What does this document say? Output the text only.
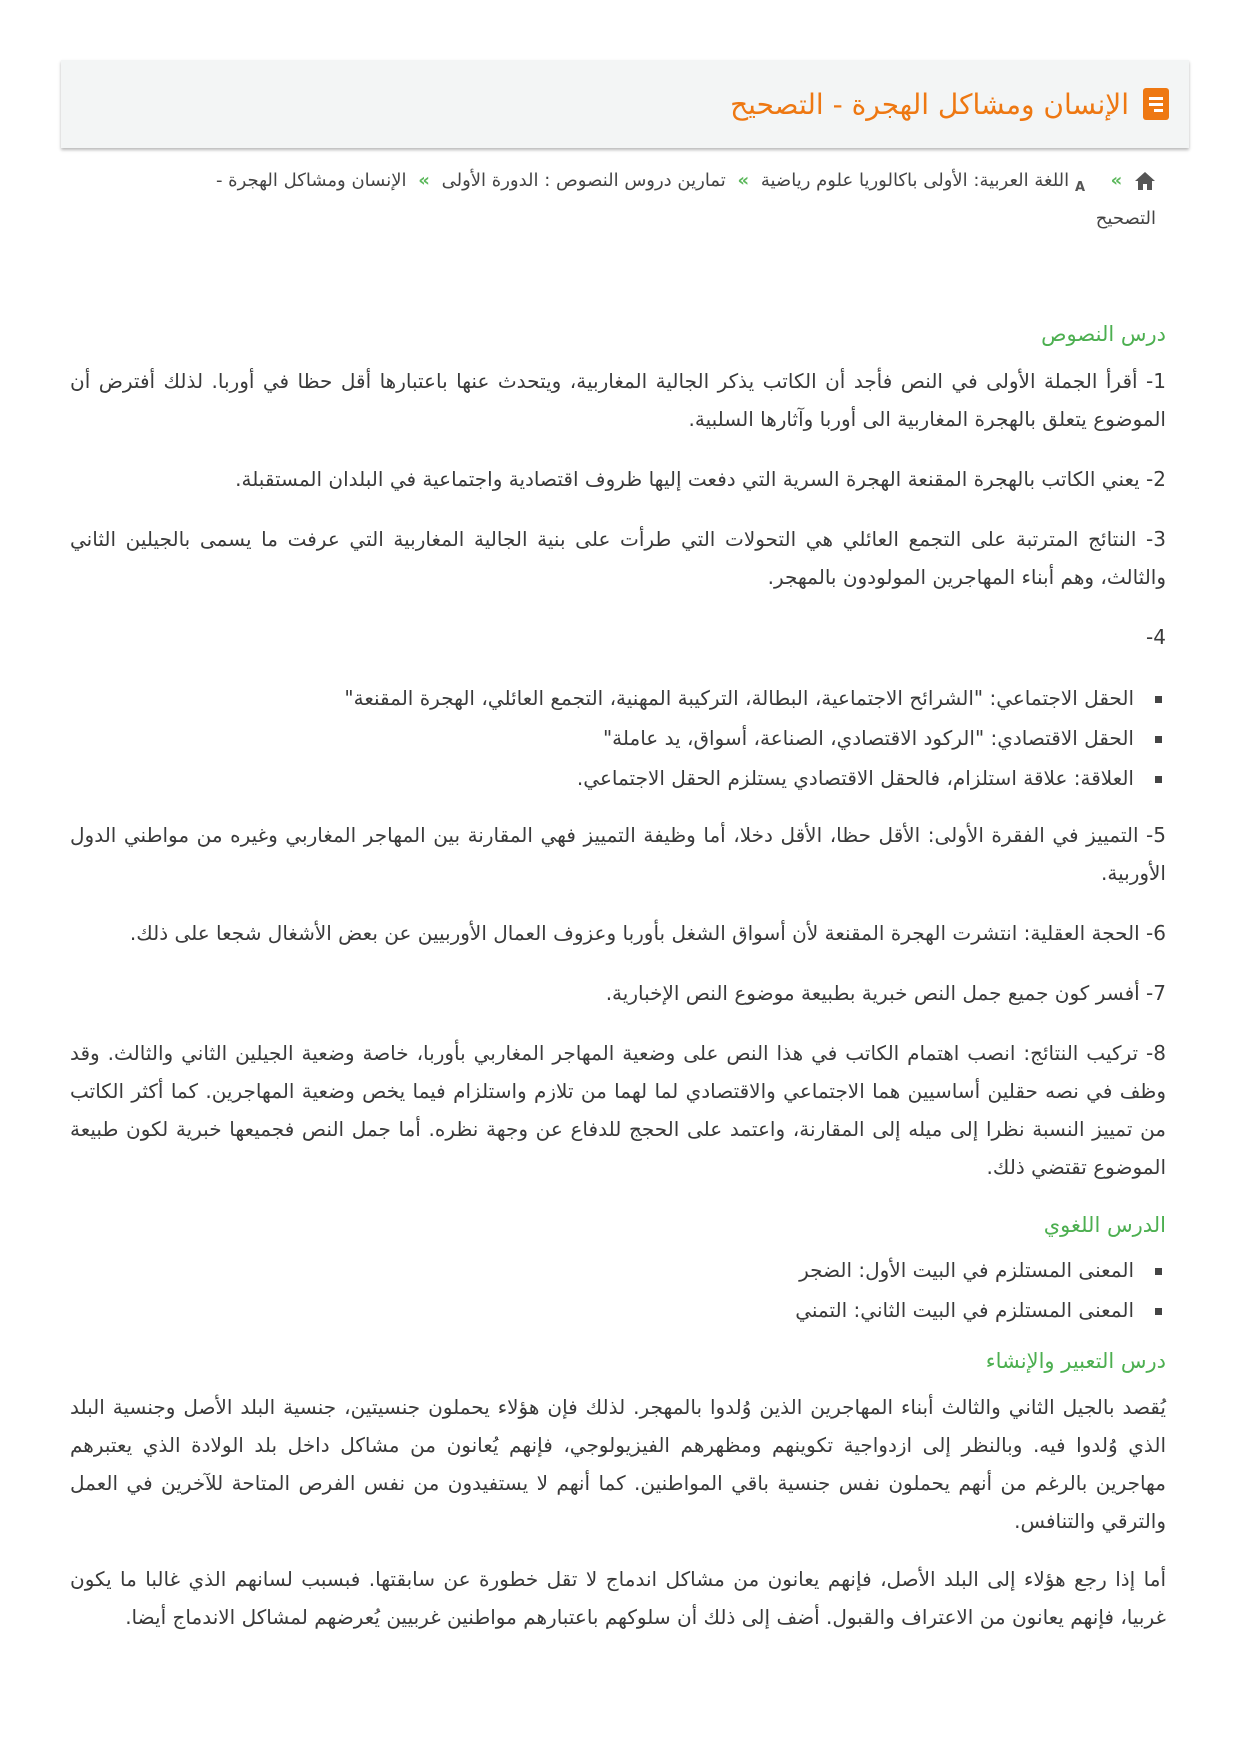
الإنسان ومشاكل الهجرة - التصحيح
»
A
اللغة العربية: الأولى باكالوريا علوم رياضية » تمارين دروس النصوص : الدورة الأولى » الإنسان ومشاكل الهجرة - التصحيح
درس النصوص

1- أقرأ الجملة الأولى في النص فأجد أن الكاتب يذكر الجالية المغاربية، ويتحدث عنها باعتبارها أقل حظا في أوربا. لذلك أفترض أن الموضوع يتعلق بالهجرة المغاربية الى أوربا وآثارها السلبية.

2- يعني الكاتب بالهجرة المقنعة الهجرة السرية التي دفعت إليها ظروف اقتصادية واجتماعية في البلدان المستقبلة.

3- النتائج المترتبة على التجمع العائلي هي التحولات التي طرأت على بنية الجالية المغاربية التي عرفت ما يسمى بالجيلين الثاني والثالث، وهم أبناء المهاجرين المولودون بالمهجر.

4-

الحقل الاجتماعي: "الشرائح الاجتماعية، البطالة، التركيبة المهنية، التجمع العائلي، الهجرة المقنعة"
الحقل الاقتصادي: "الركود الاقتصادي، الصناعة، أسواق، يد عاملة"
العلاقة: علاقة استلزام، فالحقل الاقتصادي يستلزم الحقل الاجتماعي.

5- التمييز في الفقرة الأولى: الأقل حظا، الأقل دخلا، أما وظيفة التمييز فهي المقارنة بين المهاجر المغاربي وغيره من مواطني الدول الأوربية.

6- الحجة العقلية: انتشرت الهجرة المقنعة لأن أسواق الشغل بأوربا وعزوف العمال الأوربيين عن بعض الأشغال شجعا على ذلك.

7- أفسر كون جميع جمل النص خبرية بطبيعة موضوع النص الإخبارية.

8- تركيب النتائج: انصب اهتمام الكاتب في هذا النص على وضعية المهاجر المغاربي بأوربا، خاصة وضعية الجيلين الثاني والثالث. وقد وظف في نصه حقلين أساسيين هما الاجتماعي والاقتصادي لما لهما من تلازم واستلزام فيما يخص وضعية المهاجرين. كما أكثر الكاتب من تمييز النسبة نظرا إلى ميله إلى المقارنة، واعتمد على الحجج للدفاع عن وجهة نظره. أما جمل النص فجميعها خبرية لكون طبيعة الموضوع تقتضي ذلك.

الدرس اللغوي
المعنى المستلزم في البيت الأول: الضجر
المعنى المستلزم في البيت الثاني: التمني
درس التعبير والإنشاء

يُقصد بالجيل الثاني والثالث أبناء المهاجرين الذين وُلدوا بالمهجر. لذلك فإن هؤلاء يحملون جنسيتين، جنسية البلد الأصل وجنسية البلد الذي وُلدوا فيه. وبالنظر إلى ازدواجية تكوينهم ومظهرهم الفيزيولوجي، فإنهم يُعانون من مشاكل داخل بلد الولادة الذي يعتبرهم مهاجرين بالرغم من أنهم يحملون نفس جنسية باقي المواطنين. كما أنهم لا يستفيدون من نفس الفرص المتاحة للآخرين في العمل والترقي والتنافس.

أما إذا رجع هؤلاء إلى البلد الأصل، فإنهم يعانون من مشاكل اندماج لا تقل خطورة عن سابقتها. فبسبب لسانهم الذي غالبا ما يكون غربيا، فإنهم يعانون من الاعتراف والقبول. أضف إلى ذلك أن سلوكهم باعتبارهم مواطنين غربيين يُعرضهم لمشاكل الاندماج أيضا.
